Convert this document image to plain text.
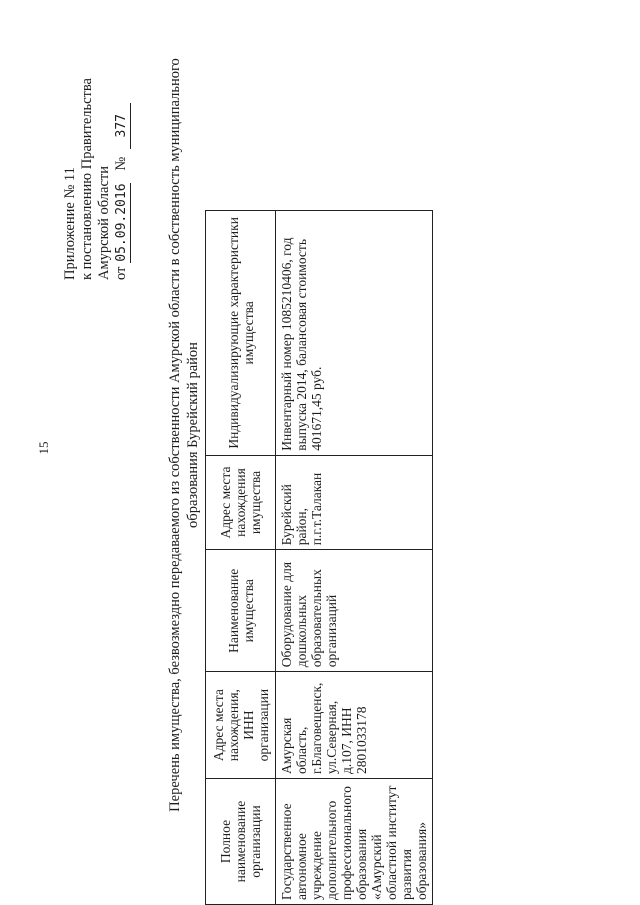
15
Приложение № 11 к постановлению Правительства Амурской области от05.09.2016№377	Перечень имущества, безвозмездно передаваемого из собственности Амурской области в собственность муниципального образования Бурейский район
Полное наименование организации	Адрес места нахождения, ИНН организации	Наименование имущества	Адрес места нахождения имущества	Индивидуализирующие характеристики имущества
Государственное автономное учреждение дополнительного профессионального образования «Амурский областной институт развития образования»	Амурская область, г.Благовещенск, ул.Северная, д.107, ИНН 2801033178	Оборудование для дошкольных образовательных организаций	Бурейский район, п.г.т.Талакан	Инвентарный номер 1085210406, год выпуска 2014, балансовая стоимость 401671,45 руб.
